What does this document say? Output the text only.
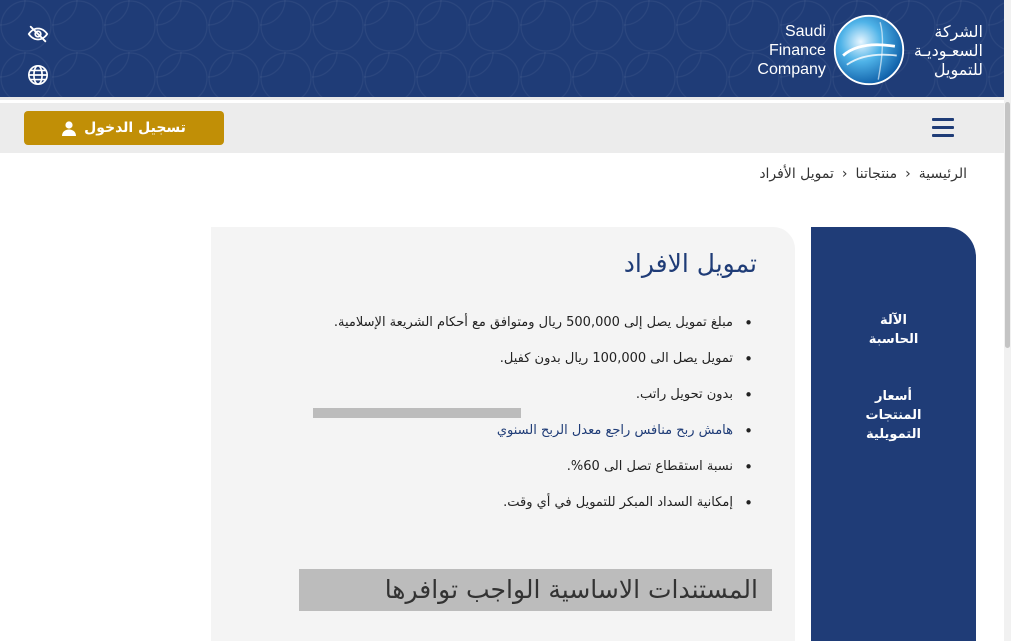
Saudi
Finance
Company
الشركة
السعـوديـة
للتمويل
تسجيل الدخول
الرئيسية
‹
منتجاتنا
‹
تمويل الأفراد
الآلة
الحاسبة
أسعار
المنتجات
التمويلية
تمويل الافراد
• مبلغ تمويل يصل إلى 500,000 ريال ومتوافق مع أحكام الشريعة الإسلامية.
• تمويل يصل الى 100,000 ريال بدون كفيل.
• بدون تحويل راتب.
• هامش ربح منافس راجع معدل الربح السنوي
• نسبة استقطاع تصل الى 60%.
• إمكانية السداد المبكر للتمويل في أي وقت.
المستندات الاساسية الواجب توافرها
